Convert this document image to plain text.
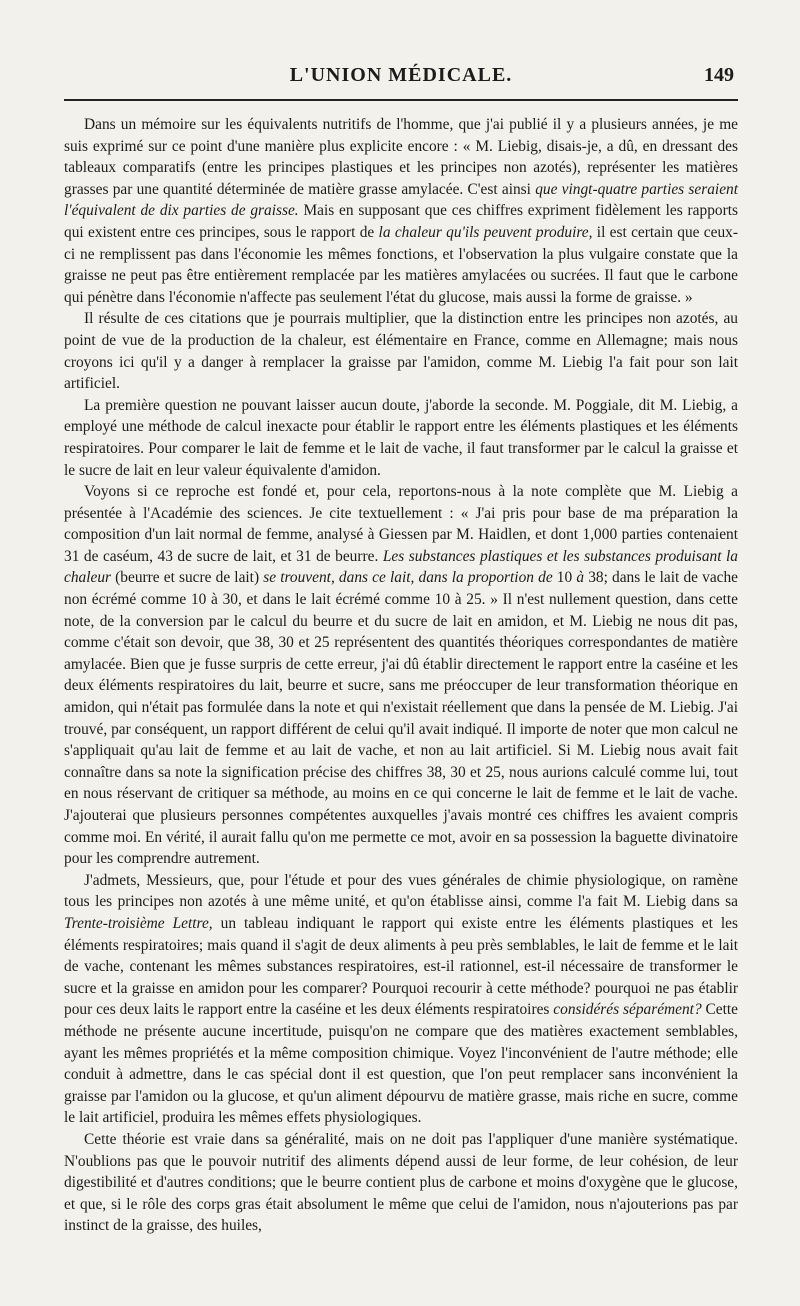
L'UNION MÉDICALE.	149

Dans un mémoire sur les équivalents nutritifs de l'homme, que j'ai publié il y a plusieurs années, je me suis exprimé sur ce point d'une manière plus explicite encore : « M. Liebig, disais-je, a dû, en dressant des tableaux comparatifs (entre les principes plastiques et les principes non azotés), représenter les matières grasses par une quantité déterminée de matière grasse amylacée. C'est ainsi que vingt-quatre parties seraient l'équivalent de dix parties de graisse. Mais en supposant que ces chiffres expriment fidèlement les rapports qui existent entre ces principes, sous le rapport de la chaleur qu'ils peuvent produire, il est certain que ceux-ci ne remplissent pas dans l'économie les mêmes fonctions, et l'observation la plus vulgaire constate que la graisse ne peut pas être entièrement remplacée par les matières amylacées ou sucrées. Il faut que le carbone qui pénètre dans l'économie n'affecte pas seulement l'état du glucose, mais aussi la forme de graisse. »

Il résulte de ces citations que je pourrais multiplier, que la distinction entre les principes non azotés, au point de vue de la production de la chaleur, est élémentaire en France, comme en Allemagne; mais nous croyons ici qu'il y a danger à remplacer la graisse par l'amidon, comme M. Liebig l'a fait pour son lait artificiel.

La première question ne pouvant laisser aucun doute, j'aborde la seconde. M. Poggiale, dit M. Liebig, a employé une méthode de calcul inexacte pour établir le rapport entre les éléments plastiques et les éléments respiratoires. Pour comparer le lait de femme et le lait de vache, il faut transformer par le calcul la graisse et le sucre de lait en leur valeur équivalente d'amidon.

Voyons si ce reproche est fondé et, pour cela, reportons-nous à la note complète que M. Liebig a présentée à l'Académie des sciences. Je cite textuellement : « J'ai pris pour base de ma préparation la composition d'un lait normal de femme, analysé à Giessen par M. Haidlen, et dont 1,000 parties contenaient 31 de caséum, 43 de sucre de lait, et 31 de beurre. Les substances plastiques et les substances produisant la chaleur (beurre et sucre de lait) se trouvent, dans ce lait, dans la proportion de 10 à 38; dans le lait de vache non écrémé comme 10 à 30, et dans le lait écrémé comme 10 à 25. » Il n'est nullement question, dans cette note, de la conversion par le calcul du beurre et du sucre de lait en amidon, et M. Liebig ne nous dit pas, comme c'était son devoir, que 38, 30 et 25 représentent des quantités théoriques correspondantes de matière amylacée. Bien que je fusse surpris de cette erreur, j'ai dû établir directement le rapport entre la caséine et les deux éléments respiratoires du lait, beurre et sucre, sans me préoccuper de leur transformation théorique en amidon, qui n'était pas formulée dans la note et qui n'existait réellement que dans la pensée de M. Liebig. J'ai trouvé, par conséquent, un rapport différent de celui qu'il avait indiqué. Il importe de noter que mon calcul ne s'appliquait qu'au lait de femme et au lait de vache, et non au lait artificiel. Si M. Liebig nous avait fait connaître dans sa note la signification précise des chiffres 38, 30 et 25, nous aurions calculé comme lui, tout en nous réservant de critiquer sa méthode, au moins en ce qui concerne le lait de femme et le lait de vache. J'ajouterai que plusieurs personnes compétentes auxquelles j'avais montré ces chiffres les avaient compris comme moi. En vérité, il aurait fallu qu'on me permette ce mot, avoir en sa possession la baguette divinatoire pour les comprendre autrement.

J'admets, Messieurs, que, pour l'étude et pour des vues générales de chimie physiologique, on ramène tous les principes non azotés à une même unité, et qu'on établisse ainsi, comme l'a fait M. Liebig dans sa Trente-troisième Lettre, un tableau indiquant le rapport qui existe entre les éléments plastiques et les éléments respiratoires; mais quand il s'agit de deux aliments à peu près semblables, le lait de femme et le lait de vache, contenant les mêmes substances respiratoires, est-il rationnel, est-il nécessaire de transformer le sucre et la graisse en amidon pour les comparer? Pourquoi recourir à cette méthode? pourquoi ne pas établir pour ces deux laits le rapport entre la caséine et les deux éléments respiratoires considérés séparément? Cette méthode ne présente aucune incertitude, puisqu'on ne compare que des matières exactement semblables, ayant les mêmes propriétés et la même composition chimique. Voyez l'inconvénient de l'autre méthode; elle conduit à admettre, dans le cas spécial dont il est question, que l'on peut remplacer sans inconvénient la graisse par l'amidon ou la glucose, et qu'un aliment dépourvu de matière grasse, mais riche en sucre, comme le lait artificiel, produira les mêmes effets physiologiques.

Cette théorie est vraie dans sa généralité, mais on ne doit pas l'appliquer d'une manière systématique. N'oublions pas que le pouvoir nutritif des aliments dépend aussi de leur forme, de leur cohésion, de leur digestibilité et d'autres conditions; que le beurre contient plus de carbone et moins d'oxygène que le glucose, et que, si le rôle des corps gras était absolument le même que celui de l'amidon, nous n'ajouterions pas par instinct de la graisse, des huiles,
